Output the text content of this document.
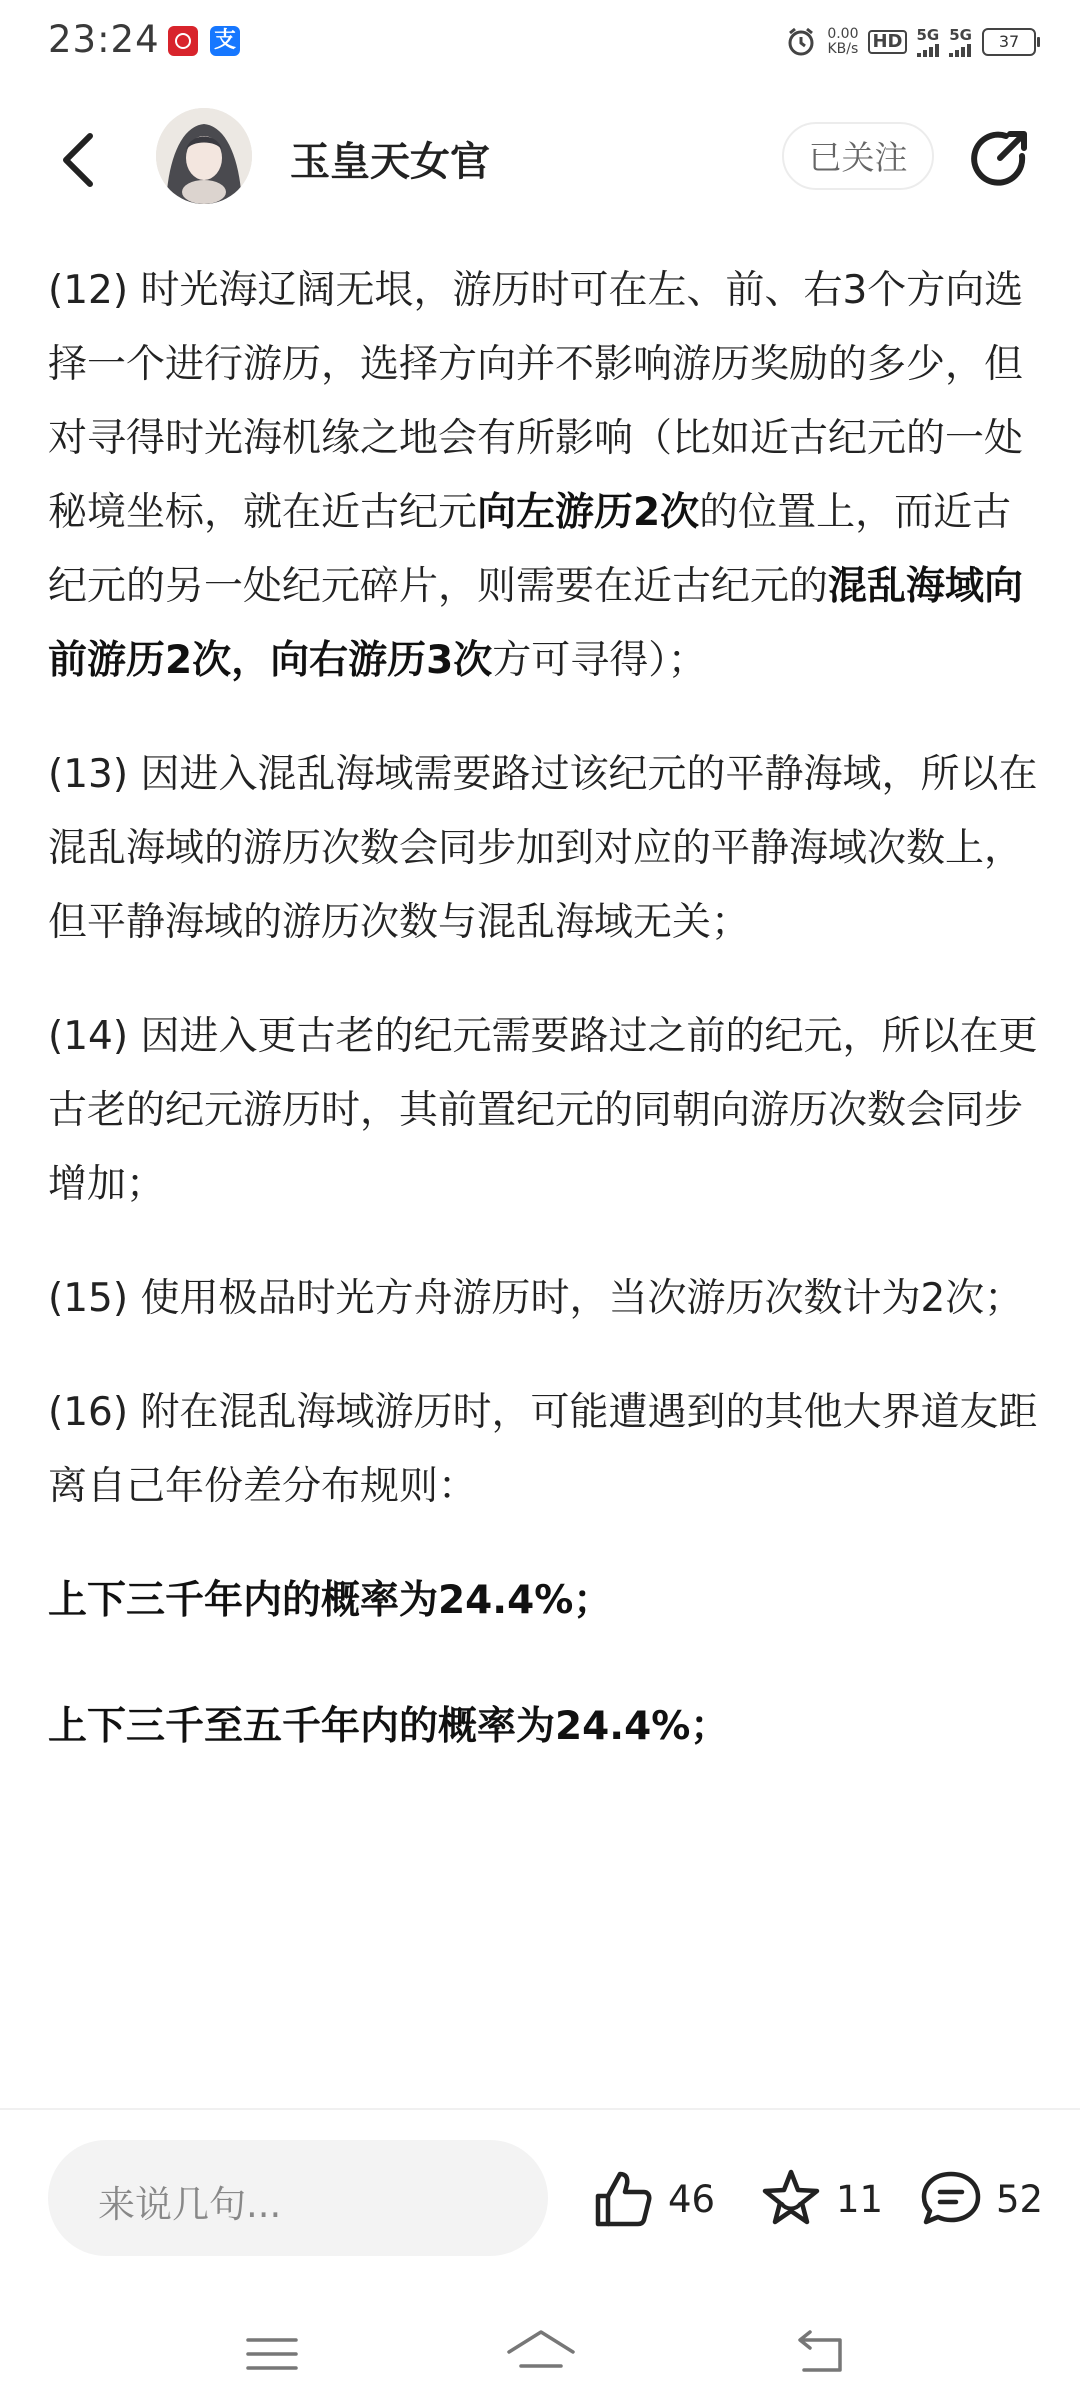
23:24 支	0.00
KB/s HD 5G 5G	37
玉皇天女官	已关注

(12) 时光海辽阔无垠，游历时可在左、前、右3个方向选择一个进行游历，选择方向并不影响游历奖励的多少，但对寻得时光海机缘之地会有所影响（比如近古纪元的一处秘境坐标，就在近古纪元向左游历2次的位置上，而近古纪元的另一处纪元碎片，则需要在近古纪元的混乱海域向前游历2次，向右游历3次方可寻得）；

(13) 因进入混乱海域需要路过该纪元的平静海域，所以在混乱海域的游历次数会同步加到对应的平静海域次数上，但平静海域的游历次数与混乱海域无关；

(14) 因进入更古老的纪元需要路过之前的纪元，所以在更古老的纪元游历时，其前置纪元的同朝向游历次数会同步增加；

(15) 使用极品时光方舟游历时，当次游历次数计为2次；

(16) 附在混乱海域游历时，可能遭遇到的其他大界道友距离自己年份差分布规则：

上下三千年内的概率为24.4%；

上下三千至五千年内的概率为24.4%；

来说几句...	46	11	52
